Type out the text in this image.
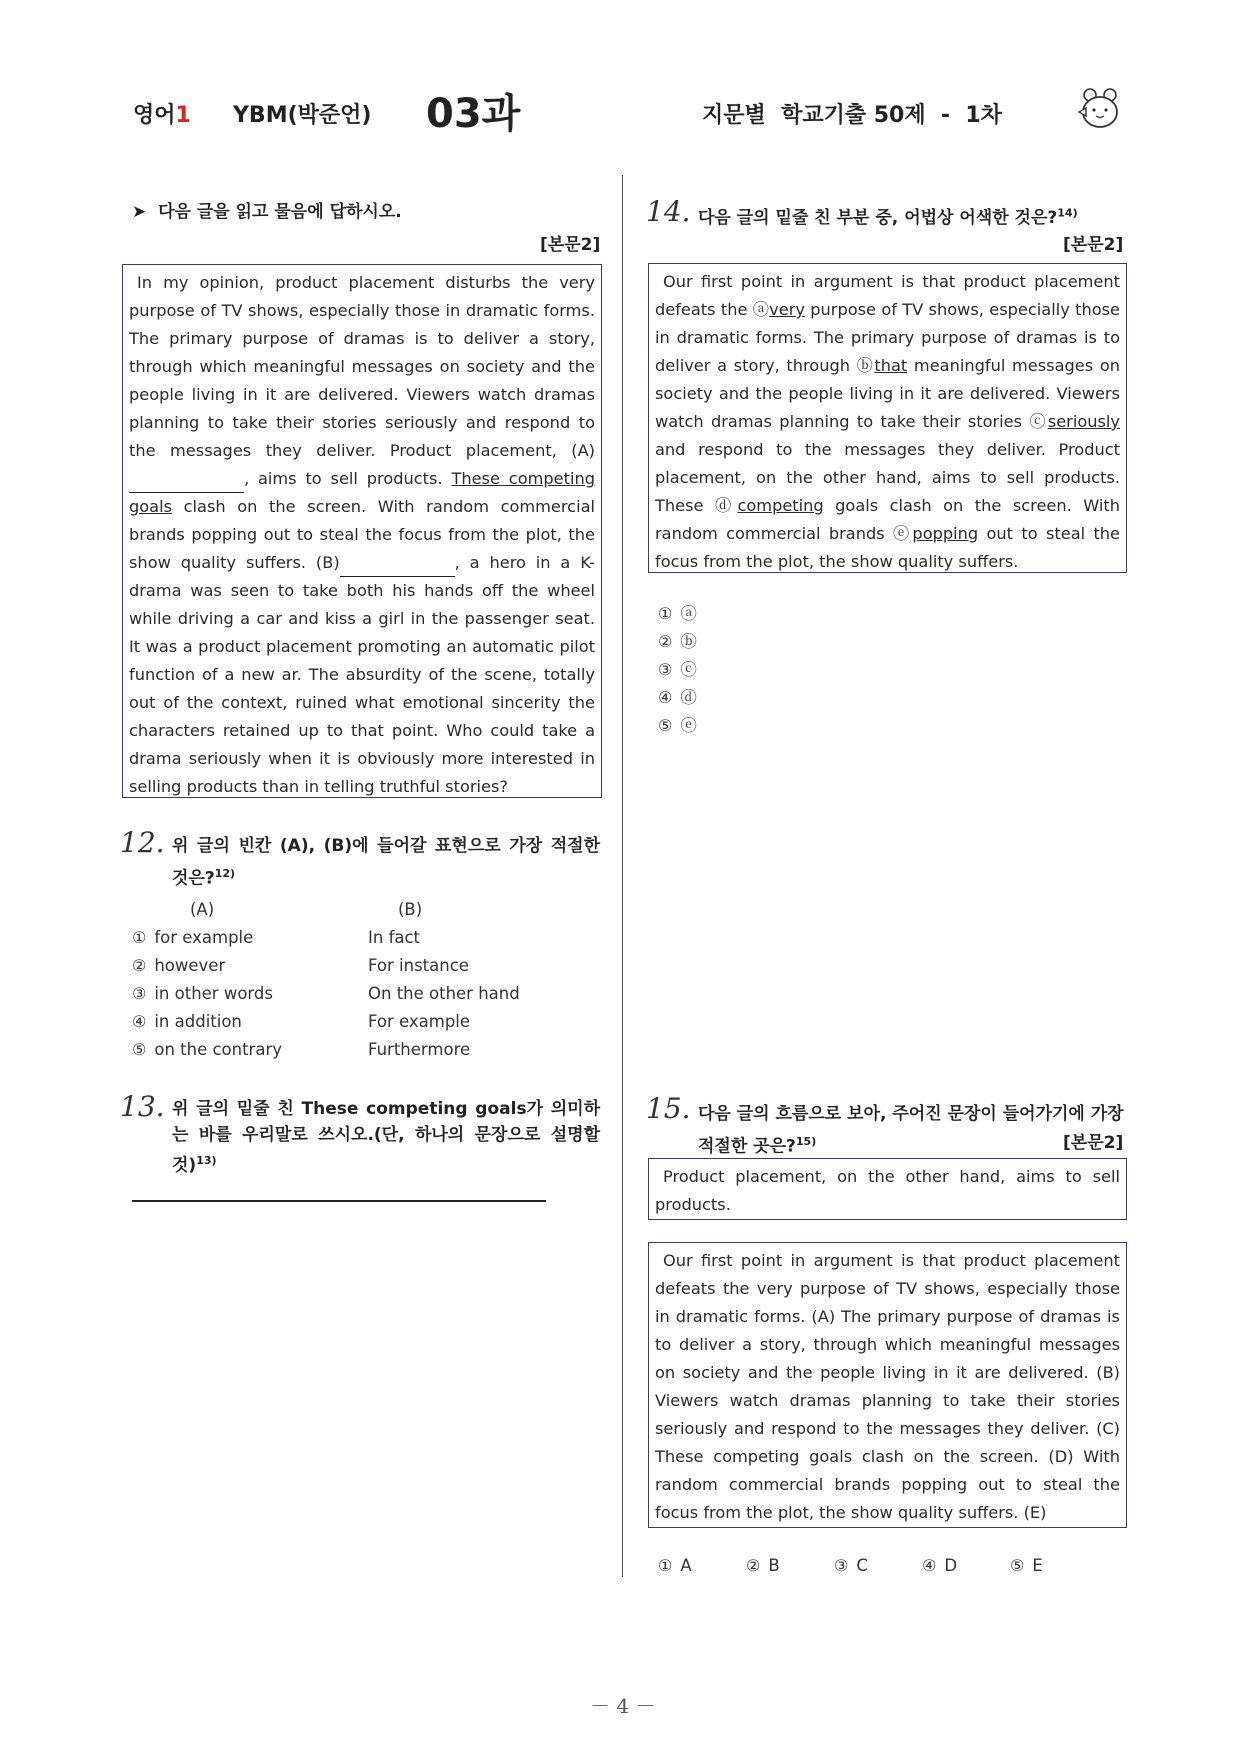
영어1 YBM(박준언) 03과	지문별  학교기출 50제  -  1차
➤ 다음 글을 읽고 물음에 답하시오.
[본문2]
In my opinion, product placement disturbs the very purpose of TV shows, especially those in dramatic forms. The primary purpose of dramas is to deliver a story, through which meaningful messages on society and the people living in it are delivered. Viewers watch dramas planning to take their stories seriously and respond to the messages they deliver. Product placement, (A), aims to sell products. These competing goals clash on the screen. With random commercial brands popping out to steal the focus from the plot, the show quality suffers. (B)	, a hero in a K-drama was seen to take both his hands off the wheel while driving a car and kiss a girl in the passenger seat. It was a product placement promoting an automatic pilot function of a new ar. The absurdity of the scene, totally out of the context, ruined what emotional sincerity the characters retained up to that point. Who could take a drama seriously when it is obviously more interested in selling products than in telling truthful stories?
12. 위 글의 빈칸 (A), (B)에 들어갈 표현으로 가장 적절한 것은?$^{12)}$
(A)	(B)
① for example	In fact
② however	For instance
③ in other words	On the other hand
④ in addition	For example
⑤ on the contrary	Furthermore
13. 위 글의 밑줄 친 These competing goals가 의미하는 바를 우리말로 쓰시오.(단, 하나의 문장으로 설명할 것)$^{13)}$
14. 다음 글의 밑줄 친 부분 중, 어법상 어색한 것은?$^{14)}$
[본문2]
Our first point in argument is that product placement defeats the ⓐvery purpose of TV shows, especially those in dramatic forms. The primary purpose of dramas is to deliver a story, through ⓑthat meaningful messages on society and the people living in it are delivered. Viewers watch dramas planning to take their stories ⓒseriously and respond to the messages they deliver. Product placement, on the other hand, aims to sell products. These ⓓcompeting goals clash on the screen. With random commercial brands ⓔpopping out to steal the focus from the plot, the show quality suffers.
① ⓐ
② ⓑ
③ ⓒ
④ ⓓ
⑤ ⓔ
15. 다음 글의 흐름으로 보아, 주어진 문장이 들어가기에 가장 적절한 곳은?$^{15)}$	[본문2]
Product placement, on the other hand, aims to sell products.
Our first point in argument is that product placement defeats the very purpose of TV shows, especially those in dramatic forms. (A) The primary purpose of dramas is to deliver a story, through which meaningful messages on society and the people living in it are delivered. (B) Viewers watch dramas planning to take their stories seriously and respond to the messages they deliver. (C) These competing goals clash on the screen. (D) With random commercial brands popping out to steal the focus from the plot, the show quality suffers. (E)
① A	② B	③ C	④ D	⑤ E
－ 4 －
